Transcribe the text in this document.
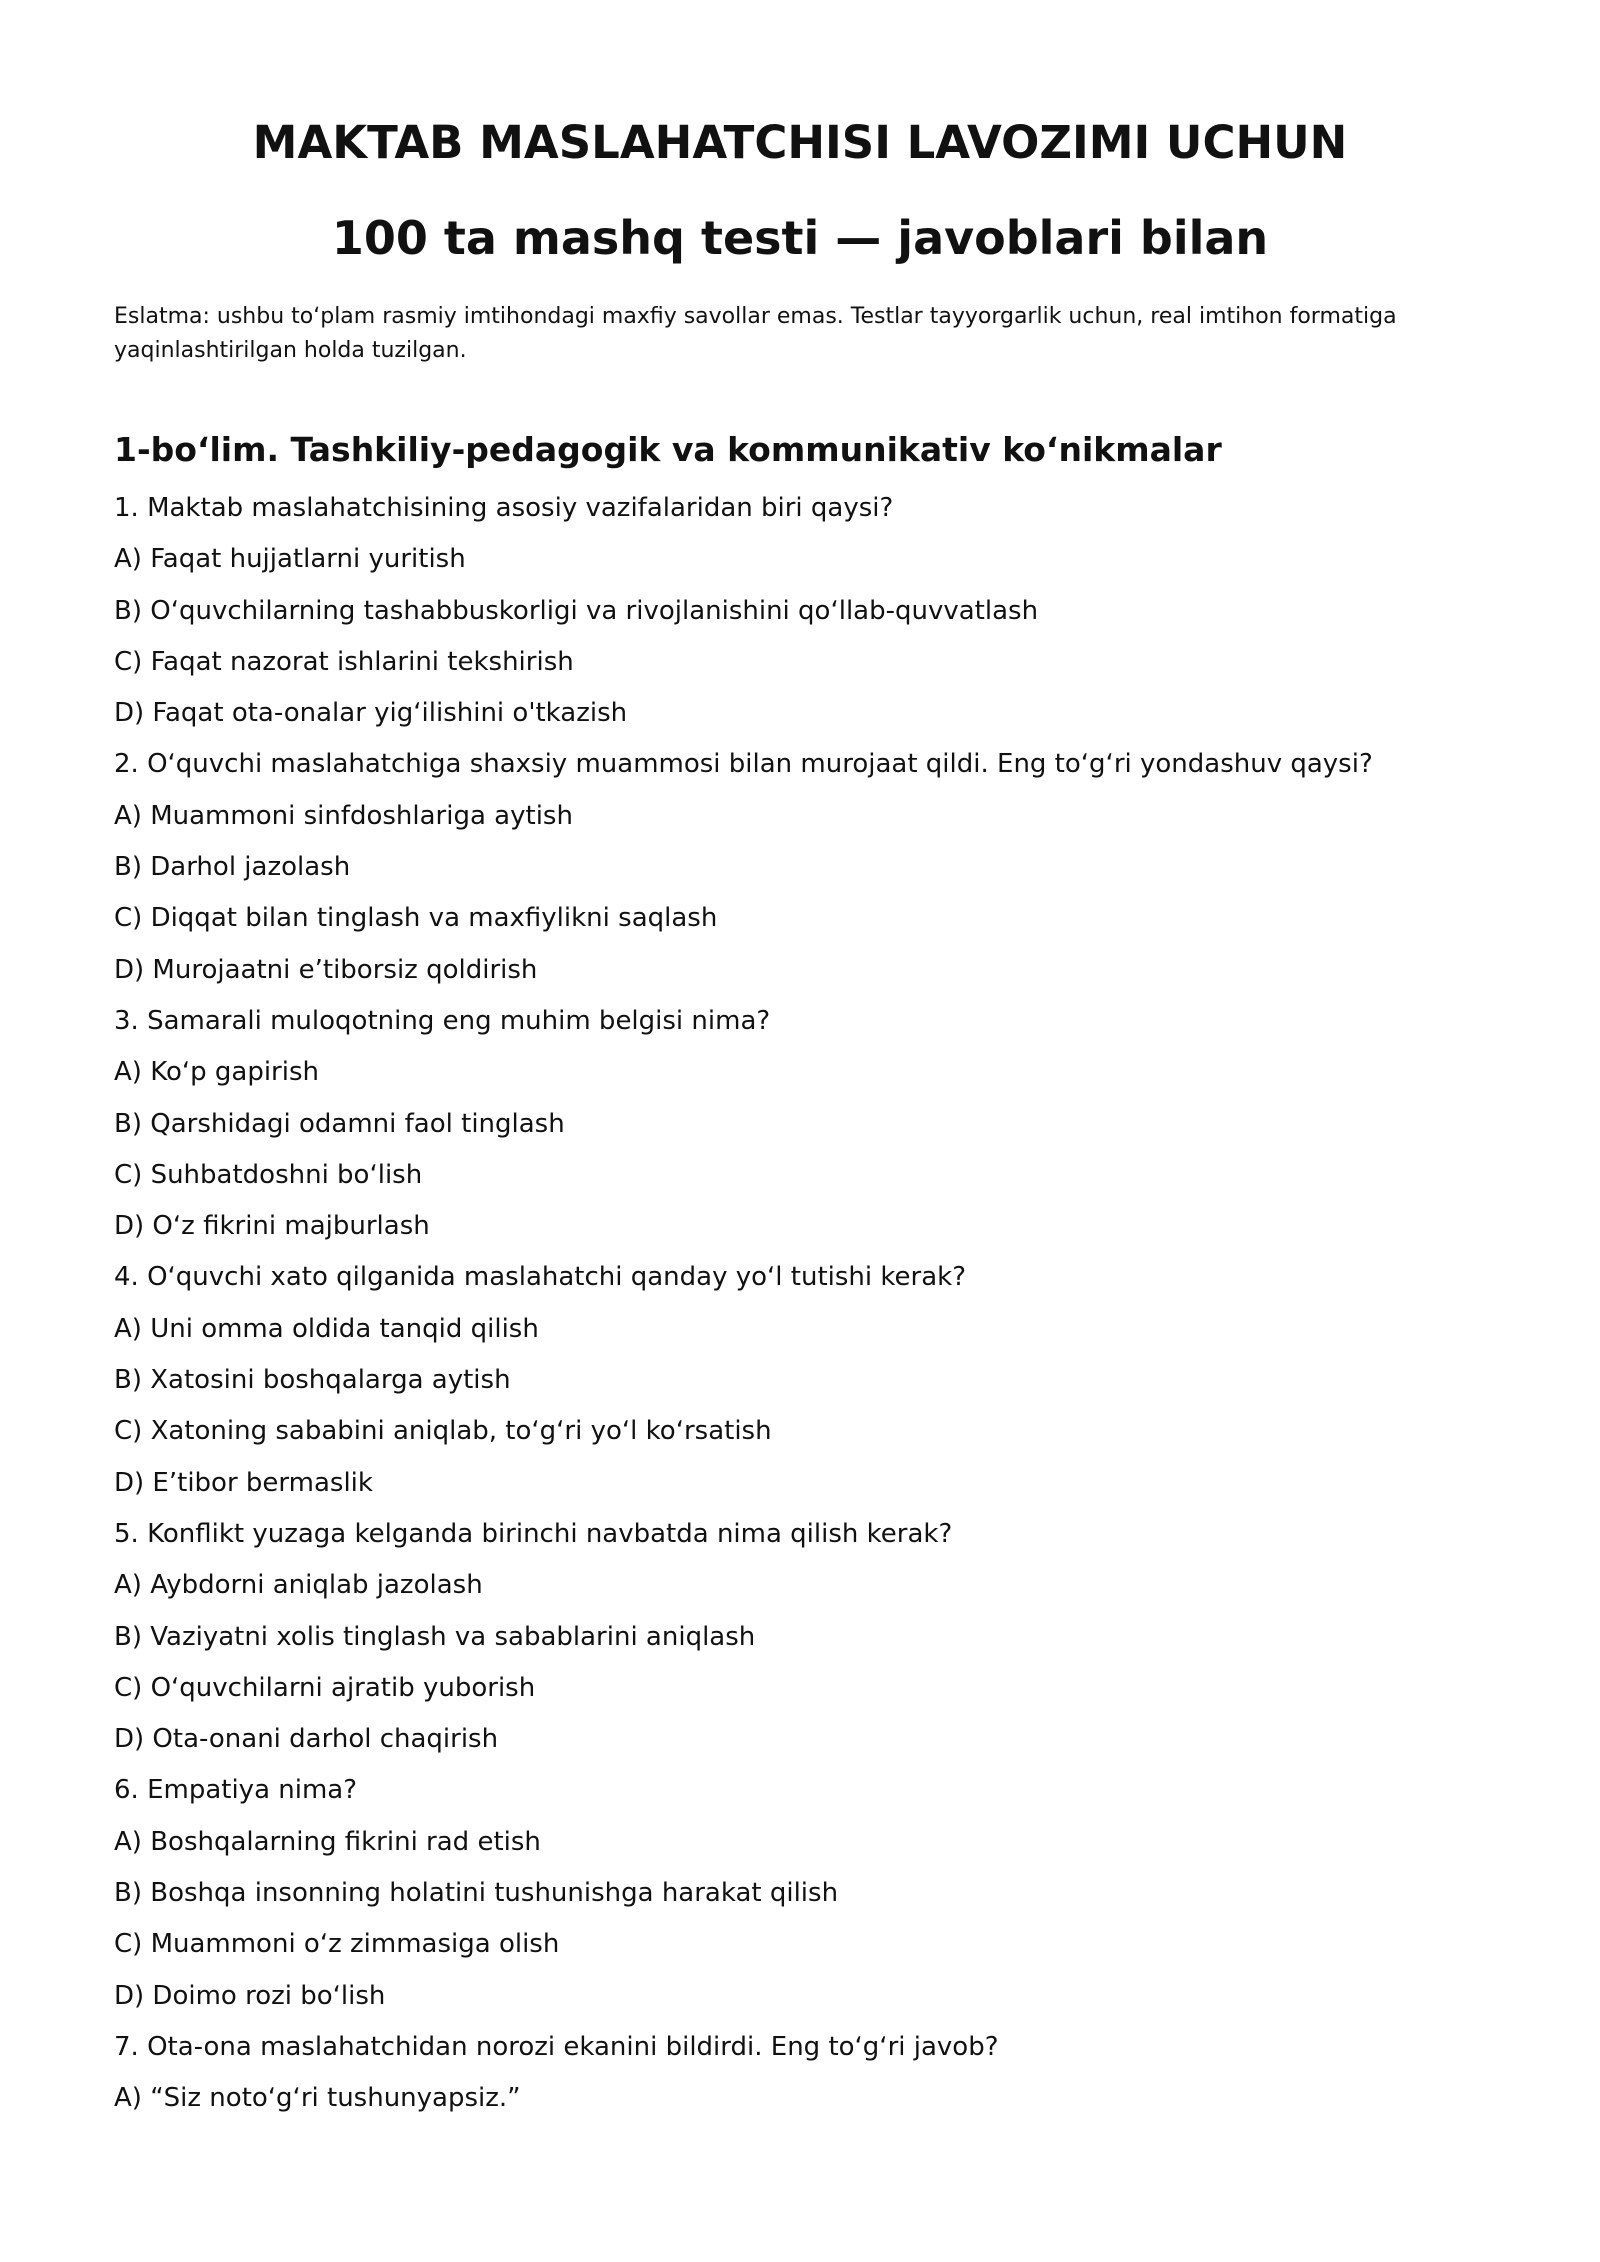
MAKTAB MASLAHATCHISI LAVOZIMI UCHUN
100 ta mashq testi — javoblari bilan

Eslatma: ushbu toʻplam rasmiy imtihondagi maxfiy savollar emas. Testlar tayyorgarlik uchun, real imtihon formatiga yaqinlashtirilgan holda tuzilgan.

1-boʻlim. Tashkiliy-pedagogik va kommunikativ koʻnikmalar
1. Maktab maslahatchisining asosiy vazifalaridan biri qaysi?
A) Faqat hujjatlarni yuritish
B) Oʻquvchilarning tashabbuskorligi va rivojlanishini qoʻllab-quvvatlash
C) Faqat nazorat ishlarini tekshirish
D) Faqat ota-onalar yigʻilishini o'tkazish
2. Oʻquvchi maslahatchiga shaxsiy muammosi bilan murojaat qildi. Eng toʻgʻri yondashuv qaysi?
A) Muammoni sinfdoshlariga aytish
B) Darhol jazolash
C) Diqqat bilan tinglash va maxfiylikni saqlash
D) Murojaatni e’tiborsiz qoldirish
3. Samarali muloqotning eng muhim belgisi nima?
A) Koʻp gapirish
B) Qarshidagi odamni faol tinglash
C) Suhbatdoshni boʻlish
D) Oʻz fikrini majburlash
4. Oʻquvchi xato qilganida maslahatchi qanday yoʻl tutishi kerak?
A) Uni omma oldida tanqid qilish
B) Xatosini boshqalarga aytish
C) Xatoning sababini aniqlab, toʻgʻri yoʻl koʻrsatish
D) E’tibor bermaslik
5. Konflikt yuzaga kelganda birinchi navbatda nima qilish kerak?
A) Aybdorni aniqlab jazolash
B) Vaziyatni xolis tinglash va sabablarini aniqlash
C) Oʻquvchilarni ajratib yuborish
D) Ota-onani darhol chaqirish
6. Empatiya nima?
A) Boshqalarning fikrini rad etish
B) Boshqa insonning holatini tushunishga harakat qilish
C) Muammoni oʻz zimmasiga olish
D) Doimo rozi boʻlish
7. Ota-ona maslahatchidan norozi ekanini bildirdi. Eng toʻgʻri javob?
A) “Siz notoʻgʻri tushunyapsiz.”
